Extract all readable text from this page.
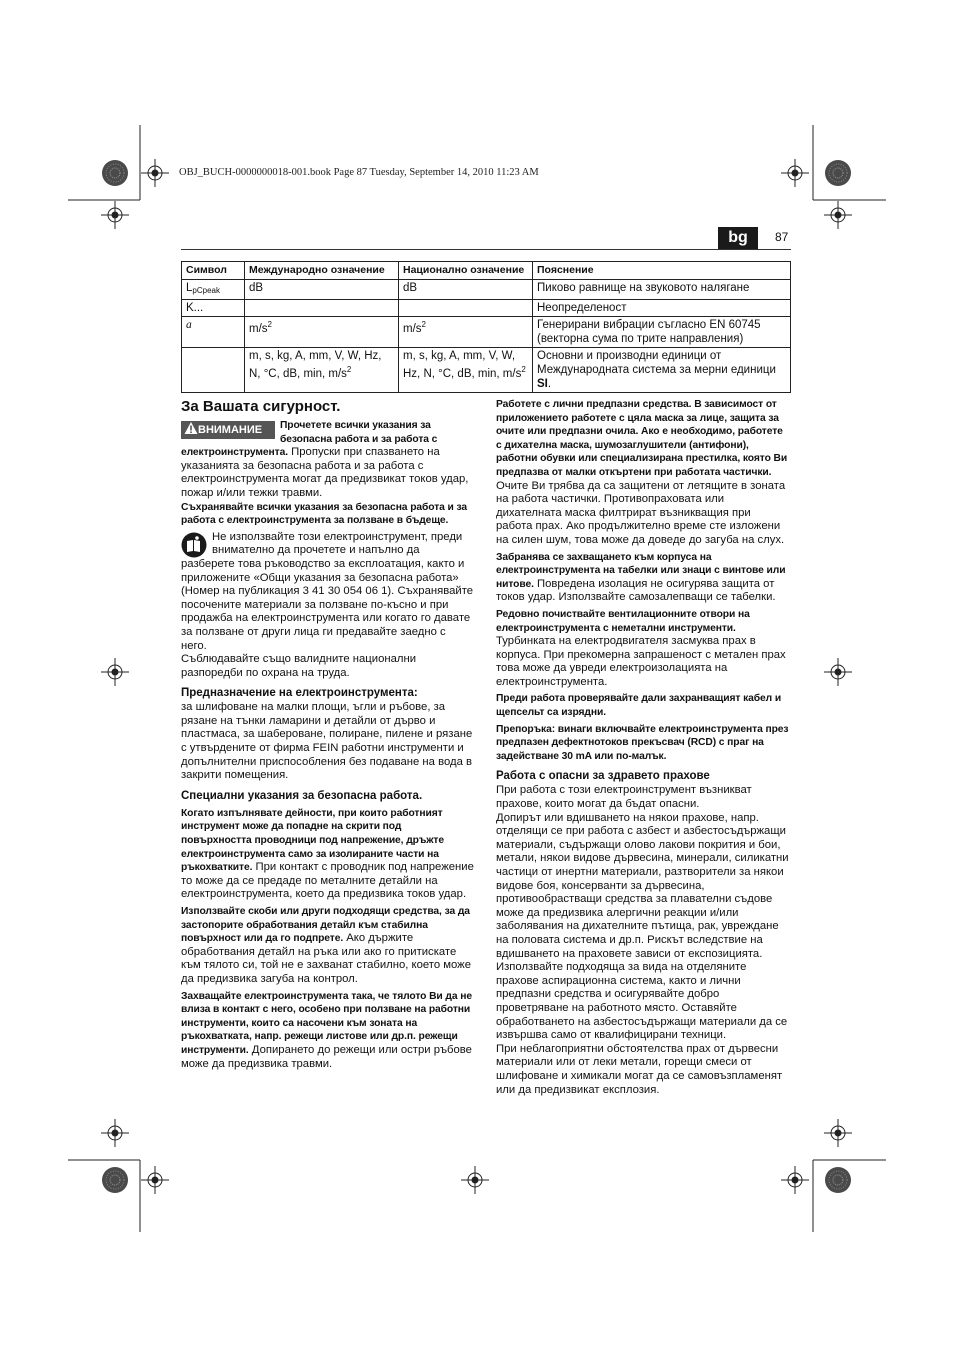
OBJ_BUCH-0000000018-001.book Page 87 Tuesday, September 14, 2010 11:23 AM
bg	87
Символ	Международно означение	Национално означение	Пояснение
$L_{pCpeak}$	dB	dB	Пиково равнище на звуковото налягане
K...			Неопределеност
a	$m/s^2$	$m/s^2$	Генерирани вибрации съгласно EN 60745 (векторна сума по трите направления)
	m, s, kg, A, mm, V, W, Hz, N, °C, dB, min, $m/s^2$	m, s, kg, A, mm, V, W, Hz, N, °C, dB, min, $m/s^2$	Основни и производни единици от Международната система за мерни единици SI.
За Вашата сигурност.

ВНИМАНИЕ	Прочетете всички указания за безопасна работа и за работа с електроинструмента. Пропуски при спазването на указанията за безопасна работа и за работа с електроинструмента могат да предизвикат токов удар, пожар и/или тежки травми.

Съхранявайте всички указания за безопасна работа и за работа с електроинструмента за ползване в бъдеще.

Не използвайте този електроинструмент, преди внимателно да прочетете и напълно да разберете това ръководство за експлоатация, както и приложените «Общи указания за безопасна работа» (Номер на публикация 3 41 30 054 06 1). Съхранявайте посочените материали за ползване по-късно и при продажба на електроинструмента или когато го давате за ползване от други лица ги предавайте заедно с него.

Съблюдавайте също валидните национални разпоредби по охрана на труда.

Предназначение на електроинструмента:

за шлифоване на малки площи, ъгли и ръбове, за рязане на тънки ламарини и детайли от дърво и пластмаса, за шаберoване, полиране, пилене и рязане с утвърдените от фирма FEIN работни инструменти и допълнителни приспособления без подаване на вода в закрити помещения.

Специални указания за безопасна работа.

Когато изпълнявате дейности, при които работният инструмент може да попадне на скрити под повърхността проводници под напрежение, дръжте електроинструмента само за изолираните части на ръкохватките. При контакт с проводник под напрежение то може да се предаде по металните детайли на електроинструмента, което да предизвика токов удар.

Използвайте скоби или други подходящи средства, за да застопорите обработвания детайл към стабилна повърхност или да го подпрете. Ако държите обработвания детайл на ръка или ако го притискате към тялото си, той не е захванат стабилно, което може да предизвика загуба на контрол.

Захващайте електроинструмента така, че тялото Ви да не влиза в контакт с него, особено при ползване на работни инструменти, които са насочени към зоната на ръкохватката, напр. режещи листове или др.п. режещи инструменти. Допирането до режещи или остри ръбове може да предизвика травми.

Работете с лични предпазни средства. В зависимост от приложението работете с цяла маска за лице, защита за очите или предпазни очила. Ако е необходимо, работете с дихателна маска, шумозаглушители (антифони), работни обувки или специализирана престилка, която Ви предпазва от малки откъртени при работата частички. Очите Ви трябва да са защитени от летящите в зоната на работа частички. Противопраховата или дихателната маска филтрират възникващия при работа прах. Ако продължително време сте изложени на силен шум, това може да доведе до загуба на слух.

Забранява се захващането към корпуса на електроинструмента на табелки или знаци с винтове или нитове. Повредена изолация не осигурява защита от токов удар. Използвайте самозалепващи се табелки.

Редовно почиствайте вентилационните отвори на електроинструмента с неметални инструменти. Турбинката на електродвигателя засмуква прах в корпуса. При прекомерна запрашеност с метален прах това може да увреди електроизолацията на електроинструмента.

Преди работа проверявайте дали захранващият кабел и щепсельт са изрядни.

Препоръка: винаги включвайте електроинструмента през предпазен дефектнотоков прекъсвач (RCD) с праг на задействане 30 mA или по-малък.

Работа с опасни за здравето прахове

При работа с този електроинструмент възникват прахове, които могат да бъдат опасни.

Допирът или вдишването на някои прахове, напр. отделящи се при работа с азбест и азбестосъдържащи материали, съдържащи олово лакови покрития и бои, метали, някои видове дървесина, минерали, силикатни частици от инертни материали, разтворители за някои видове боя, консерванти за дървесина, противообрастващи средства за плавателни съдове може да предизвика алергични реакции и/или заболявания на дихателните пътища, рак, увреждане на половата система и др.п. Рискът вследствие на вдишването на праховете зависи от експозицията. Използвайте подходяща за вида на отделяните прахове аспирационна система, както и лични предпазни средства и осигурявайте добро проветряване на работното място. Оставяйте обработването на азбестосъдържащи материали да се извършва само от квалифицирани техници.

При неблагоприятни обстоятелства прах от дървесни материали или от леки метали, горещи смеси от шлифоване и химикали могат да се самовъзпламенят или да предизвикат експлозия.
